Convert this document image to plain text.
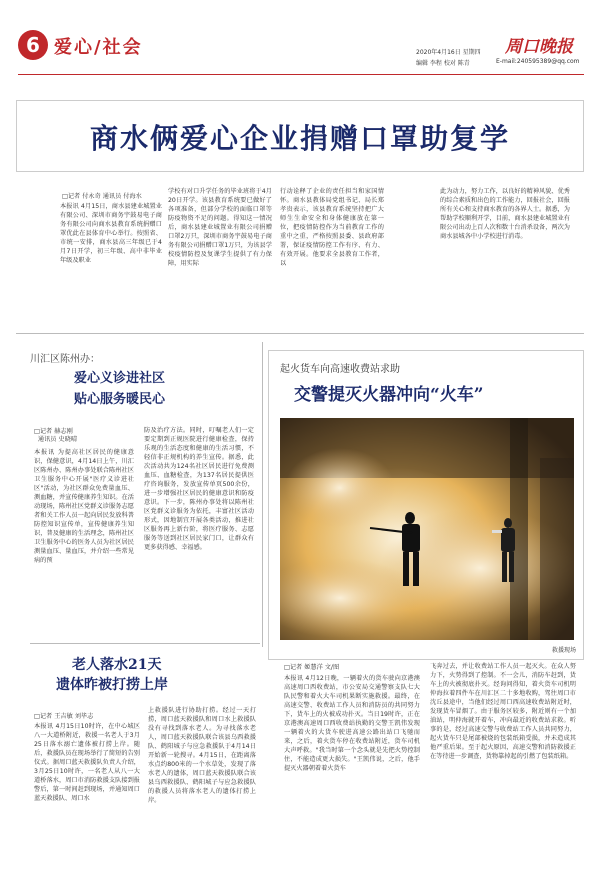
6 爱心/社会	2020年4月16日 星期四
编辑 李程 校对 陈青	E-mail:240595389@qq.com
周口晚报
商水俩爱心企业捐赠口罩助复学
□记者 付永奇 通讯员 付海水
本报讯 4月15日，商水县建业城置业有限公司、深圳市商务宇鼓易电子商务有限公司向商水县教育系统捐赠口罩优此在县体育中心举行。按照省、市统一安排，商水县高三年级已于4月7日开学，初三年级、高中非毕业年级及职业
学校有对口升学任务的毕业班将于4月20日开学。该县教育系统要已做好了各项准备，但部分学校的面临口罩等防疫物资不足的问题。得知这一情况后，商水县建业城置业有限公司捐赠口罩2万只，深圳市商务宇鼓易电子商务有限公司捐赠口罩1万只，为该县学校疫情防控及复课学生提供了有力保障，用实际
行动诠释了企业的责任担当和家国情怀。商水县教体局党组书记、局长郑孝贵表示，该县教育系统坚持把广大师生生命安全和身体健康放在第一位，把疫情防控作为当前教育工作的重中之重，严格按照县委、县政府部署，保证疫情防控工作有序、有力、有效开展。他要求全县教育工作者，以
此为动力，努力工作，以良好的精神风貌、优秀的综合素质和出色的工作能力，回报社会，回报所有关心和支持商水教育的各界人士。据悉，为帮助学校顺利开学，目前，商水县建业城置业有限公司出动上百人次和数十台消杀设备，两次为商水县城各中小学校进行消毒。
川汇区陈州办：
爱心义诊进社区
贴心服务暖民心
□记者 赫志刚
通讯员 史晓晴
本报讯 为提高社区居民的健康意识，保健意识，4月14日上午，川汇区陈州办、陈州办事处联合陈州社区卫生服务中心开展"医疗义诊进社区"活动，为社区群众免费量血压、测血糖，并宣传健康养生知识。在活动现场，陈州社区党群义诊服务志愿者和关工作人员一起向居民发放科普防控知识宣传单，宣传健康养生知识，普及健康的生活理念，陈州社区卫生服务中心的医务人员为社区居民测量血压、量血压，并介绍一些常见病的预
防及治疗方法。同时，叮嘱老人们一定要定期到正规医院进行健康检查，保持乐观的生活态度和健康的生活习惯，不轻信非正规机构的养生宣传。据悉，此次活动共为124名社区居民进行免费测血压、血糖检查，为137名居民提供医疗咨询服务，发放宣传单页500余份，进一步增强社区居民的健康意识和防疫意识。下一步，陈州办事处将以陈州社区党群义诊服务为依托，丰富社区活动形式，因地制宜开展各类活动，推进社区服务再上新台阶，将医疗服务、志愿服务等送到社区居民家门口，让群众有更多获得感、幸福感。
起火货车向高速收费站求助
交警提灭火器冲向“火车”
救援现场
□记者 姬慧洋 文/图
本报讯 4月12日晚，一辆着火的货车驶向京港澳高速周口西收费站，市公安局交通警察支队七大队民警和着火大车司机果断实施救援。最终，在高速交警、收费站工作人员和消防员的共同努力下，货车上的火被成功扑灭。当日19时许，正在京港澳高速周口西收费站执勤的交警王凯伟发现一辆着火的大货车驶进高速公路出站口飞驰而来，之后，着火货车停在收费站附近，货车司机大声呼救。"我当时第一个念头就是先把火势控制住，不能造成更大损失。"王凯伟说，之后，他手提灭火器朝着着火货车
飞奔过去，并让收费站工作人员一起灭火。在众人努力下，火势得到了控制。不一会儿，消防车赶到，货车上的火被彻底扑灭。经询问得知，着火货车司机明仲海拉着四件车在川汇区二十多地收购，驾往周口市沈丘县途中，当他们经过周口西高速收费站附近时，发现货车冒烟了。由于服务区较多，附近则有一个加油站，明仲海就开着车，冲向最近的收费站求救。听事的是，经过高速交警与收费站工作人员共同努力，起火货车只是尾部被烧的包装纸箱受损，并未造成其他严重后果。至于起火原因，高速交警和消防救援正在等待进一步调查，货物靠掉起的引燃了包装纸箱。
老人落水21天
遗体昨被打捞上岸
□记者 王吉敏 刘毕志
本报讯 4月15日10时许，在中心城区八一大道桥附近，救援一名老人于3月25日落水溺亡遗体被打捞上岸。随后，救援队员在现场举行了简短的告别仪式。据周口蓝天救援队负责人介绍，3月25日10时许，一名老人从八一大道桥落水，周口市消防救援支队接到报警后，第一时间赶到现场，并通知周口蓝天救援队、周口水
上救援队进行协助打捞。经过一天打捞，周口蓝天救援队和周口水上救援队没有寻找到落水老人。为寻找落水老人，周口蓝天救援队联合该县乌西救援队、鹤阳城子与应急救援队于4月14日开始新一轮搜寻。4月15日，在距离落水点约800米的一个水草处，发现了落水老人的遗体，周口蓝天救援队联合该县乌西救援队、鹤阳城子与应急救援队的救援人员将落水老人的遗体打捞上岸。
